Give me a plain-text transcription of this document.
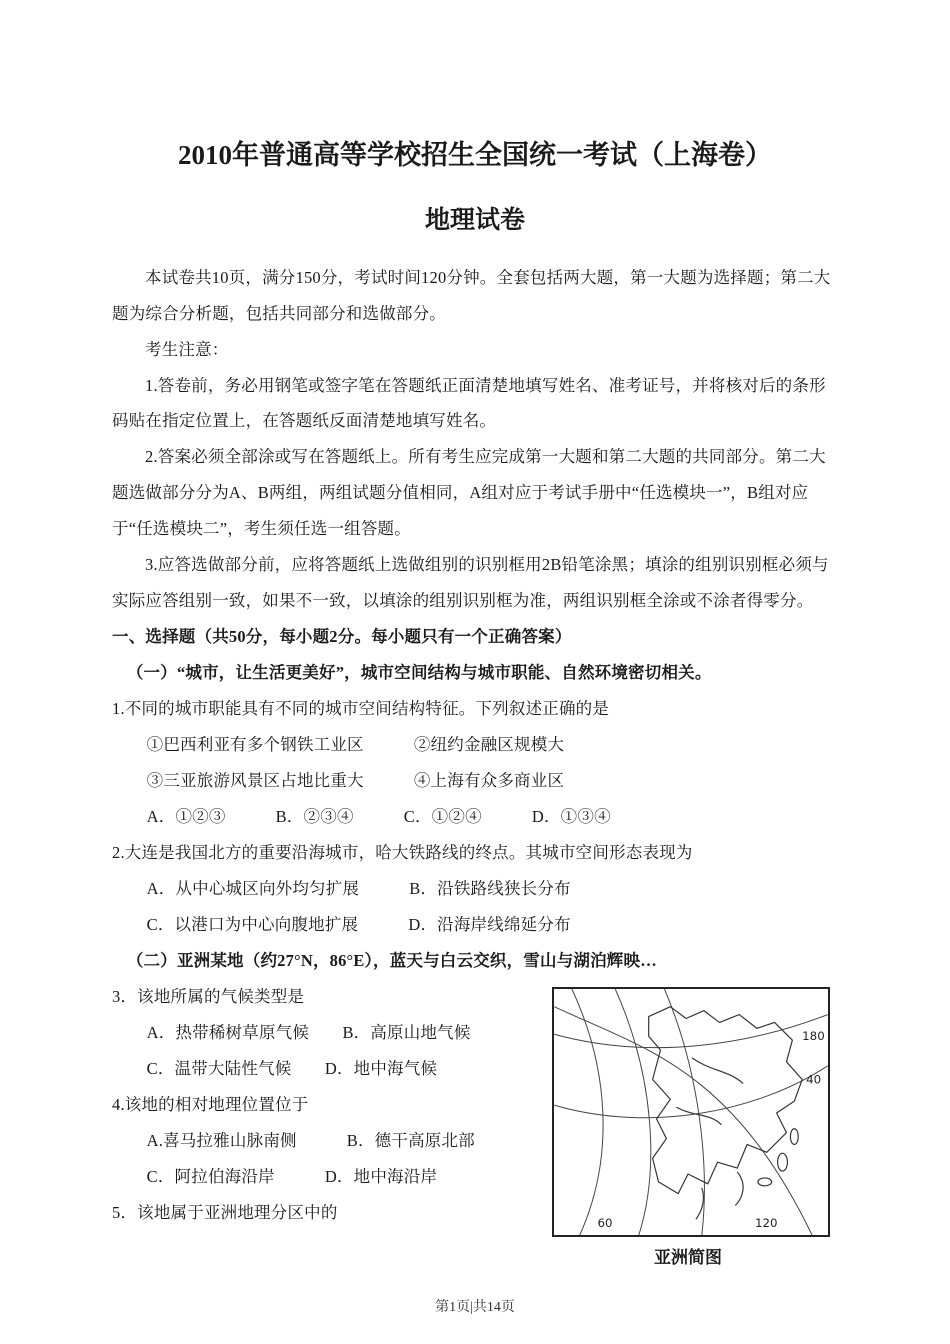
2010年普通高等学校招生全国统一考试（上海卷）
地理试卷

本试卷共10页，满分150分，考试时间120分钟。全套包括两大题，第一大题为选择题；第二大题为综合分析题，包括共同部分和选做部分。

考生注意：

1.答卷前，务必用钢笔或签字笔在答题纸正面清楚地填写姓名、准考证号，并将核对后的条形码贴在指定位置上，在答题纸反面清楚地填写姓名。

2.答案必须全部涂或写在答题纸上。所有考生应完成第一大题和第二大题的共同部分。第二大题选做部分分为A、B两组，两组试题分值相同，A组对应于考试手册中“任选模块一”，B组对应于“任选模块二”，考生须任选一组答题。

3.应答选做部分前，应将答题纸上选做组别的识别框用2B铅笔涂黑；填涂的组别识别框必须与实际应答组别一致，如果不一致，以填涂的组别识别框为准，两组识别框全涂或不涂者得零分。

一、选择题（共50分，每小题2分。每小题只有一个正确答案）

（一）“城市，让生活更美好”，城市空间结构与城市职能、自然环境密切相关。

1.不同的城市职能具有不同的城市空间结构特征。下列叙述正确的是

①巴西利亚有多个钢铁工业区　　　②纽约金融区规模大

③三亚旅游风景区占地比重大　　　④上海有众多商业区

A．①②③　　　B．②③④　　　C．①②④　　　D．①③④

2.大连是我国北方的重要沿海城市，哈大铁路线的终点。其城市空间形态表现为

A．从中心城区向外均匀扩展　　　B．沿铁路线狭长分布

C．以港口为中心向腹地扩展　　　D．沿海岸线绵延分布

（二）亚洲某地（约27°N，86°E），蓝天与白云交织，雪山与湖泊辉映…

3．该地所属的气候类型是

A．热带稀树草原气候　　B．高原山地气候

C．温带大陆性气候　　D．地中海气候

4.该地的相对地理位置位于

A.喜马拉雅山脉南侧　　　B．德干高原北部

C．阿拉伯海沿岸　　　D．地中海沿岸

5．该地属于亚洲地理分区中的

180
40
60	120
亚洲简图
第1页|共14页
